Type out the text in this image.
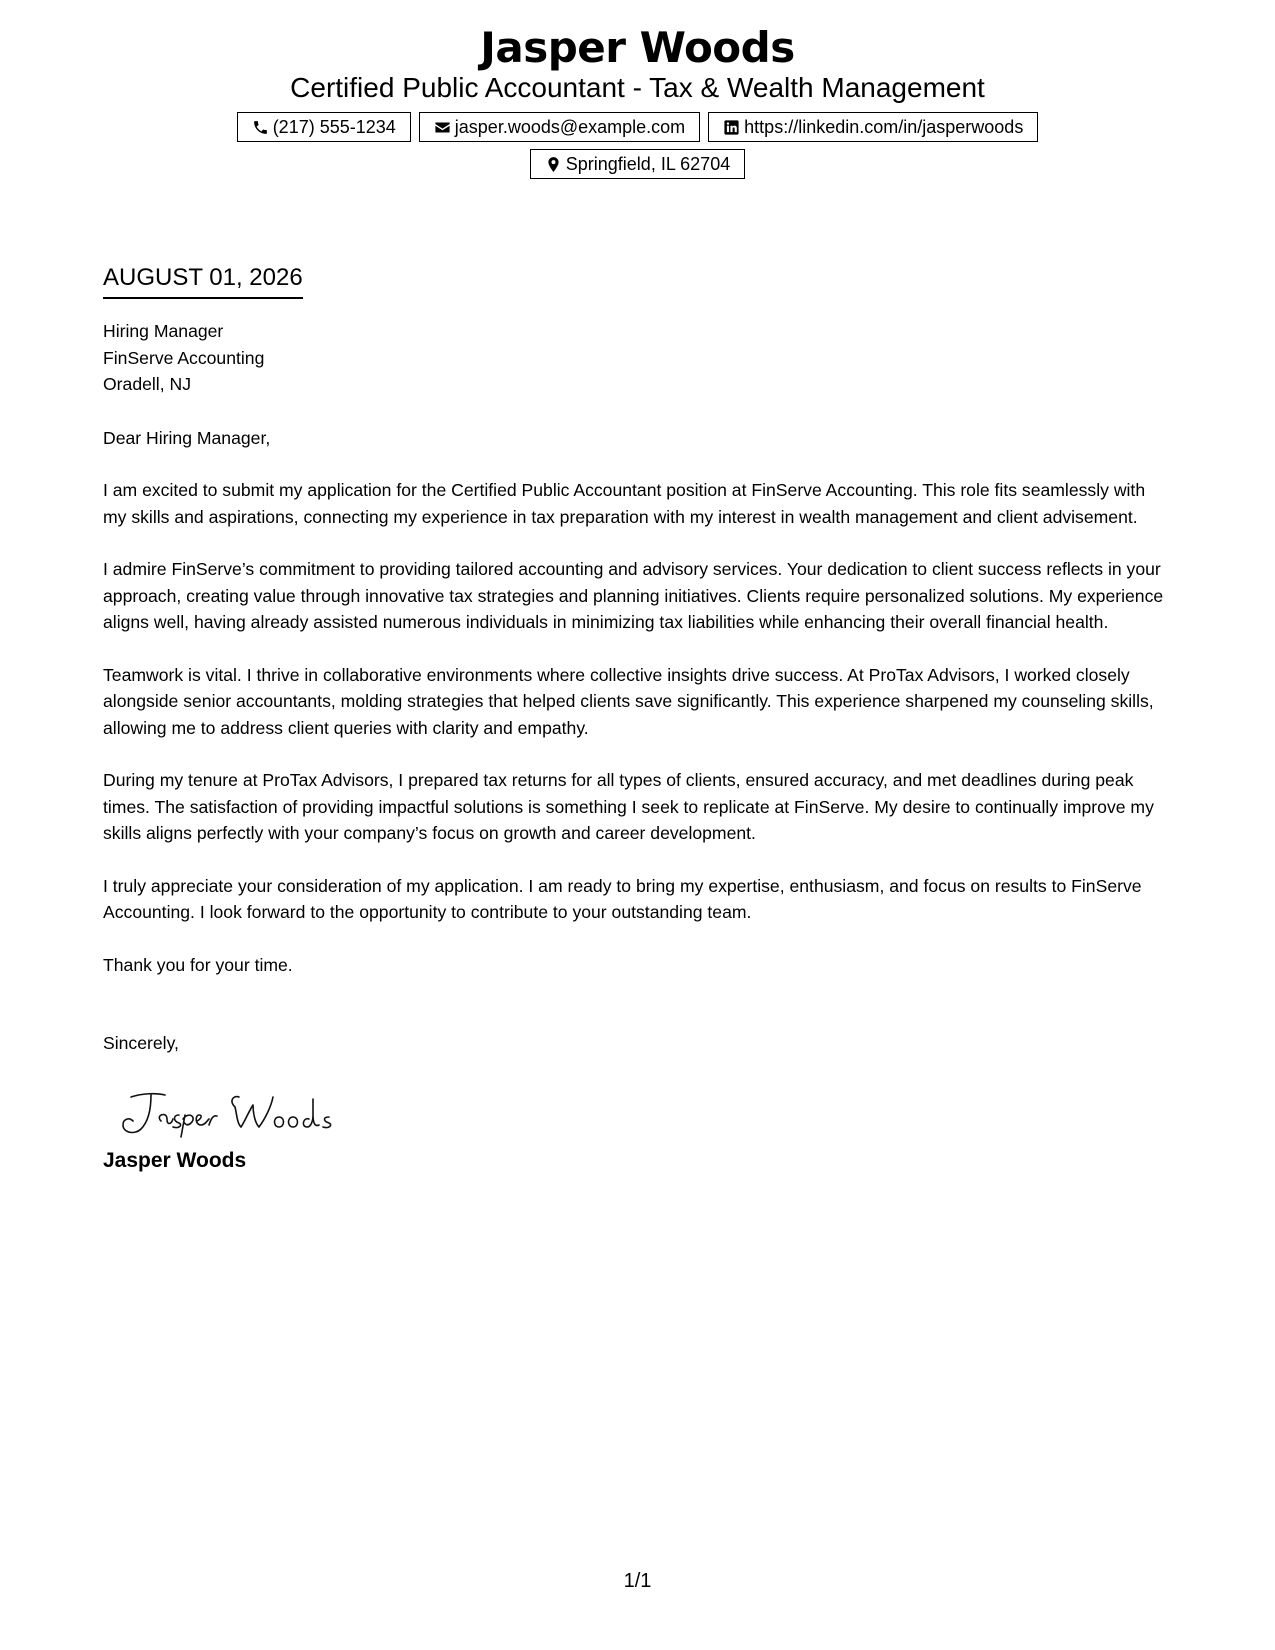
Jasper Woods
Certified Public Accountant - Tax & Wealth Management
(217) 555-1234	jasper.woods@example.com	https://linkedin.com/in/jasperwoods
Springfield, IL 62704
AUGUST 01, 2026
Hiring Manager
FinServe Accounting
Oradell, NJ
Dear Hiring Manager,

I am excited to submit my application for the Certified Public Accountant position at FinServe Accounting. This role fits seamlessly with my skills and aspirations, connecting my experience in tax preparation with my interest in wealth management and client advisement.

I admire FinServe’s commitment to providing tailored accounting and advisory services. Your dedication to client success reflects in your approach, creating value through innovative tax strategies and planning initiatives. Clients require personalized solutions. My experience aligns well, having already assisted numerous individuals in minimizing tax liabilities while enhancing their overall financial health.

Teamwork is vital. I thrive in collaborative environments where collective insights drive success. At ProTax Advisors, I worked closely alongside senior accountants, molding strategies that helped clients save significantly. This experience sharpened my counseling skills, allowing me to address client queries with clarity and empathy.

During my tenure at ProTax Advisors, I prepared tax returns for all types of clients, ensured accuracy, and met deadlines during peak times. The satisfaction of providing impactful solutions is something I seek to replicate at FinServe. My desire to continually improve my skills aligns perfectly with your company’s focus on growth and career development.

I truly appreciate your consideration of my application. I am ready to bring my expertise, enthusiasm, and focus on results to FinServe Accounting. I look forward to the opportunity to contribute to your outstanding team.

Thank you for your time.

Sincerely,
Jasper Woods
1/1
